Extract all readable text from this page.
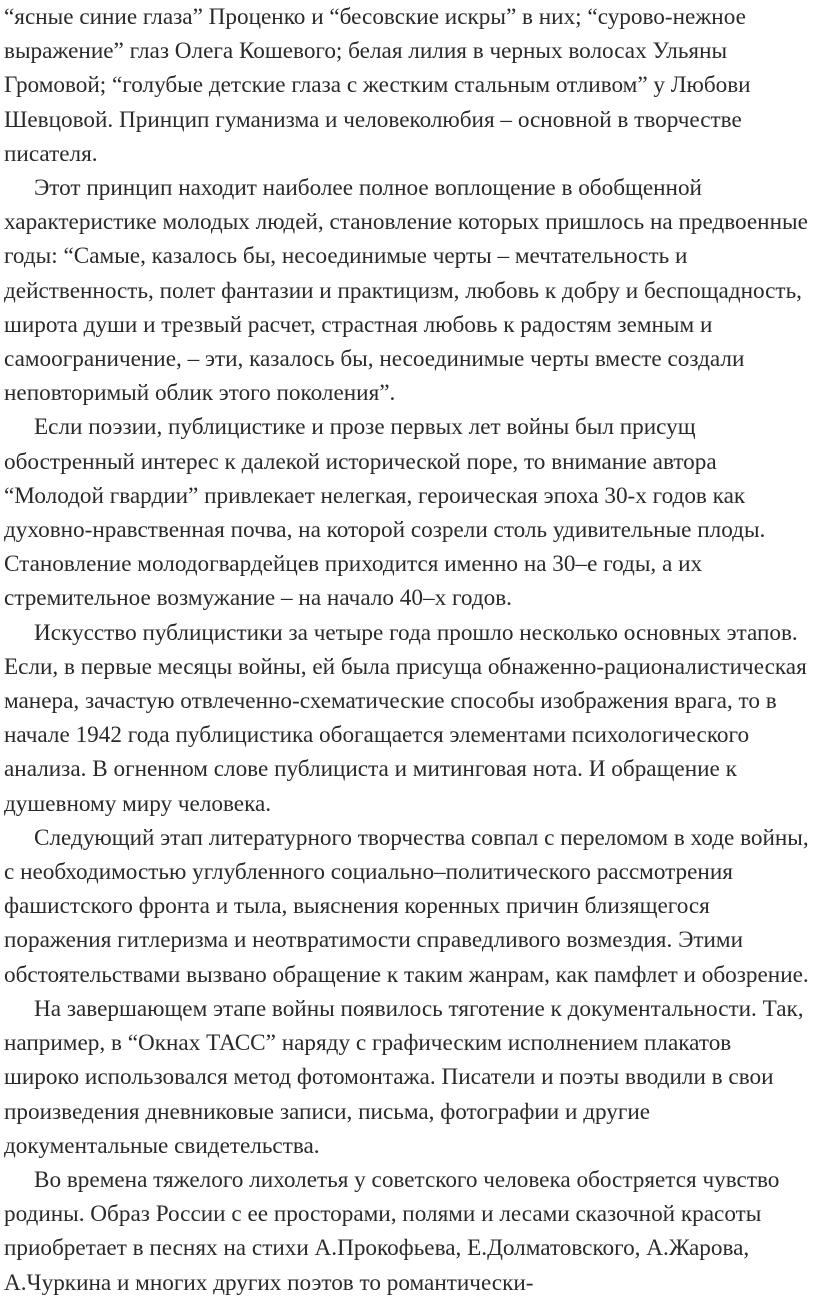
“ясные синие глаза” Проценко и “бесовские искры” в них; “сурово-нежное выражение” глаз Олега Кошевого; белая лилия в черных волосах Ульяны Громовой; “голубые детские глаза с жестким стальным отливом” у Любови Шевцовой. Принцип гуманизма и человеколюбия – основной в творчестве писателя.

Этот принцип находит наиболее полное воплощение в обобщенной характеристике молодых людей, становление которых пришлось на предвоенные годы: “Самые, казалось бы, несоединимые черты – мечтательность и действенность, полет фантазии и практицизм, любовь к добру и беспощадность, широта души и трезвый расчет, страстная любовь к радостям земным и самоограничение, – эти, казалось бы, несоединимые черты вместе создали неповторимый облик этого поколения”.

Если поэзии, публицистике и прозе первых лет войны был присущ обостренный интерес к далекой исторической поре, то внимание автора “Молодой гвардии” привлекает нелегкая, героическая эпоха 30-х годов как духовно-нравственная почва, на которой созрели столь удивительные плоды. Становление молодогвардейцев приходится именно на 30–е годы, а их стремительное возмужание – на начало 40–х годов.

Искусство публицистики за четыре года прошло несколько основных этапов. Если, в первые месяцы войны, ей была присуща обнаженно-рационалистическая манера, зачастую отвлеченно-схематические способы изображения врага, то в начале 1942 года публицистика обогащается элементами психологического анализа. В огненном слове публициста и митинговая нота. И обращение к душевному миру человека.

Следующий этап литературного творчества совпал с переломом в ходе войны, с необходимостью углубленного социально–политического рассмотрения фашистского фронта и тыла, выяснения коренных причин близящегося поражения гитлеризма и неотвратимости справедливого возмездия. Этими обстоятельствами вызвано обращение к таким жанрам, как памфлет и обозрение.

На завершающем этапе войны появилось тяготение к документальности. Так, например, в “Окнах ТАСС” наряду с графическим исполнением плакатов широко использовался метод фотомонтажа. Писатели и поэты вводили в свои произведения дневниковые записи, письма, фотографии и другие документальные свидетельства.

Во времена тяжелого лихолетья у советского человека обостряется чувство родины. Образ России с ее просторами, полями и лесами сказочной красоты приобретает в песнях на стихи А.Прокофьева, Е.Долматовского, А.Жарова, А.Чуркина и многих других поэтов то романтически-
